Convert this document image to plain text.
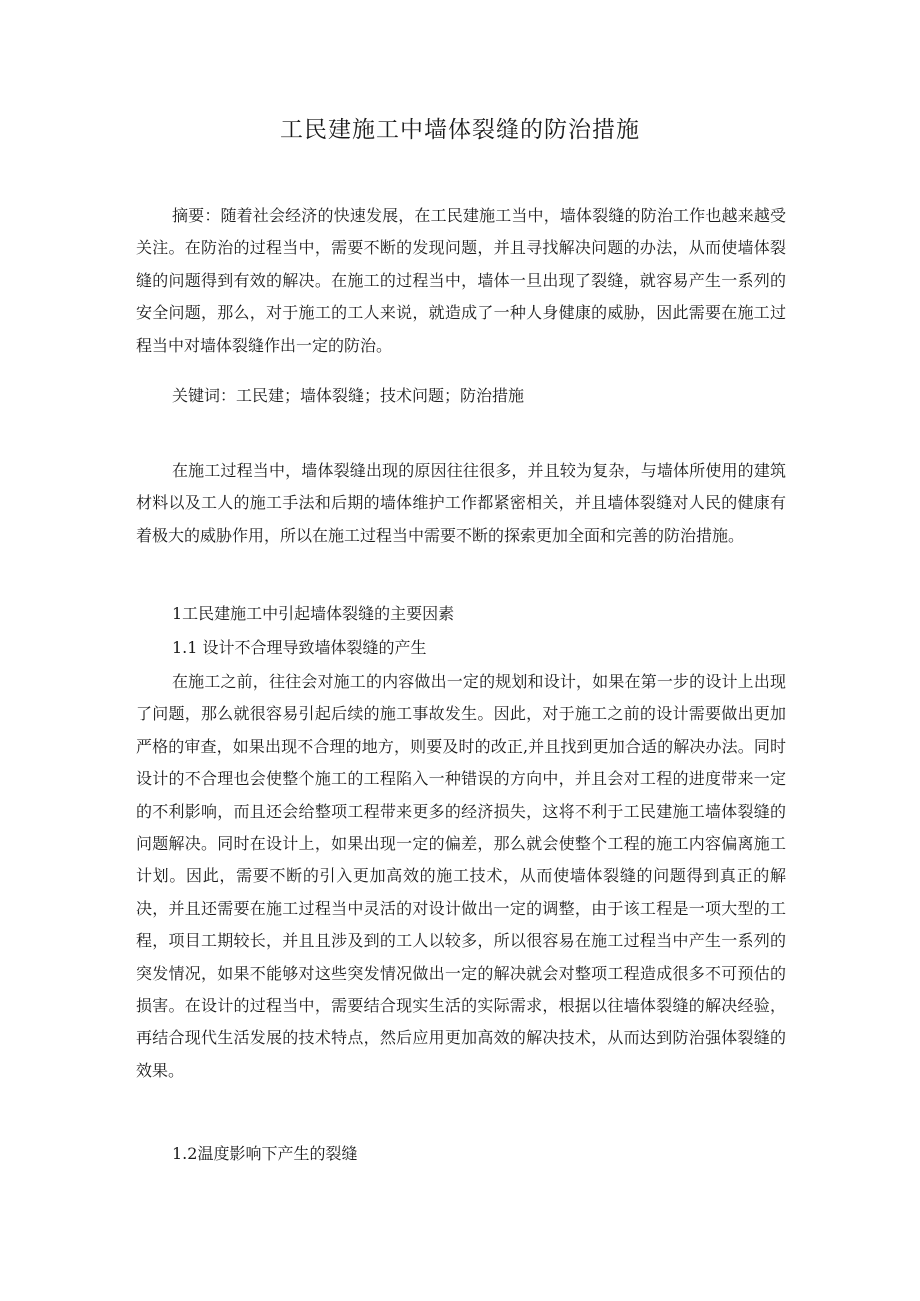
工民建施工中墙体裂缝的防治措施

摘要：随着社会经济的快速发展，在工民建施工当中，墙体裂缝的防治工作也越来越受关注。在防治的过程当中，需要不断的发现问题，并且寻找解决问题的办法，从而使墙体裂缝的问题得到有效的解决。在施工的过程当中，墙体一旦出现了裂缝，就容易产生一系列的安全问题，那么，对于施工的工人来说，就造成了一种人身健康的威胁，因此需要在施工过程当中对墙体裂缝作出一定的防治。

关键词：工民建；墙体裂缝；技术问题；防治措施

在施工过程当中，墙体裂缝出现的原因往往很多，并且较为复杂，与墙体所使用的建筑材料以及工人的施工手法和后期的墙体维护工作都紧密相关，并且墙体裂缝对人民的健康有着极大的威胁作用，所以在施工过程当中需要不断的探索更加全面和完善的防治措施。

1工民建施工中引起墙体裂缝的主要因素

1.1 设计不合理导致墙体裂缝的产生

在施工之前，往往会对施工的内容做出一定的规划和设计，如果在第一步的设计上出现了问题，那么就很容易引起后续的施工事故发生。因此，对于施工之前的设计需要做出更加严格的审查，如果出现不合理的地方，则要及时的改正,并且找到更加合适的解决办法。同时设计的不合理也会使整个施工的工程陷入一种错误的方向中，并且会对工程的进度带来一定的不利影响，而且还会给整项工程带来更多的经济损失，这将不利于工民建施工墙体裂缝的问题解决。同时在设计上，如果出现一定的偏差，那么就会使整个工程的施工内容偏离施工计划。因此，需要不断的引入更加高效的施工技术，从而使墙体裂缝的问题得到真正的解决，并且还需要在施工过程当中灵活的对设计做出一定的调整，由于该工程是一项大型的工程，项目工期较长，并且且涉及到的工人以较多，所以很容易在施工过程当中产生一系列的突发情况，如果不能够对这些突发情况做出一定的解决就会对整项工程造成很多不可预估的损害。在设计的过程当中，需要结合现实生活的实际需求，根据以往墙体裂缝的解决经验，再结合现代生活发展的技术特点，然后应用更加高效的解决技术，从而达到防治强体裂缝的效果。

1.2温度影响下产生的裂缝
